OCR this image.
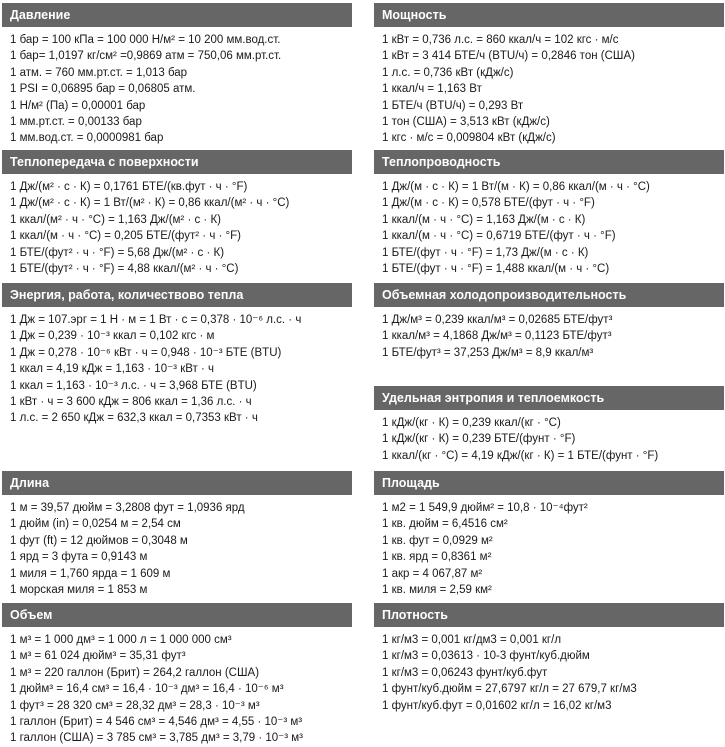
Давление
1 бар = 100 кПа = 100 000 Н/м² = 10 200 мм.вод.ст.
1 бар= 1,0197 кг/см² =0,9869 атм = 750,06 мм.рт.ст.
1 атм. = 760 мм.рт.ст. = 1,013 бар
1 PSI = 0,06895 бар = 0,06805 атм.
1 Н/м² (Па) = 0,00001 бар
1 мм.рт.ст. = 0,00133 бар
1 мм.вод.ст. = 0,0000981 бар
Теплопередача с поверхности
1 Дж/(м² · с · К) = 0,1761 БТЕ/(кв.фут · ч · °F)
1 Дж/(м² · с · К) = 1 Вт/(м² · К) = 0,86 ккал/(м² · ч · °С)
1 ккал/(м² · ч · °С) = 1,163 Дж/(м² · с · К)
1 ккал/(м · ч · °С) = 0,205 БТЕ/(фут² · ч · °F)
1 БТЕ/(фут² · ч · °F) = 5,68 Дж/(м² · с · К)
1 БТЕ/(фут² · ч · °F) = 4,88 ккал/(м² · ч · °С)
Энергия, работа, количествово тепла
1 Дж = 107.эрг = 1 Н · м = 1 Вт · с = 0,378 · 10⁻⁶ л.с. · ч
1 Дж = 0,239 · 10⁻³ ккал = 0,102 кгс · м
1 Дж = 0,278 · 10⁻⁶ кВт · ч = 0,948 · 10⁻³ БТЕ (BTU)
1 ккал = 4,19 кДж = 1,163 · 10⁻³ кВт · ч
1 ккал = 1,163 · 10⁻³ л.с. · ч = 3,968 БТЕ (BTU)
1 кВт · ч = 3 600 кДж = 806 ккал = 1,36 л.с. · ч
1 л.с. = 2 650 кДж = 632,3 ккал = 0,7353 кВт · ч
Длина
1 м = 39,57 дюйм = 3,2808 фут = 1,0936 ярд
1 дюйм (in) = 0,0254 м = 2,54 см
1 фут (ft) = 12 дюймов = 0,3048 м
1 ярд = 3 фута = 0,9143 м
1 миля = 1,760 ярда = 1 609 м
1 морская миля = 1 853 м
Объем
1 м³ = 1 000 дм³ = 1 000 л = 1 000 000 см³
1 м³ = 61 024 дюйм³ = 35,31 фут³
1 м³ = 220 галлон (Брит) = 264,2 галлон (США)
1 дюйм³ = 16,4 см³ = 16,4 · 10⁻³ дм³ = 16,4 · 10⁻⁶ м³
1 фут³ = 28 320 см³ = 28,32 дм³ = 28,3 · 10⁻³ м³
1 галлон (Брит) = 4 546 см³ = 4,546 дм³ = 4,55 · 10⁻³ м³
1 галлон (США) = 3 785 см³ = 3,785 дм³ = 3,79 · 10⁻³ м³
Мощность
1 кВт = 0,736 л.с. = 860 ккал/ч = 102 кгс · м/с
1 кВт = 3 414 БТЕ/ч (BTU/ч) = 0,2846 тон (США)
1 л.с. = 0,736 кВт (кДж/с)
1 ккал/ч = 1,163 Вт
1 БТЕ/ч (BTU/ч) = 0,293 Вт
1 тон (США) = 3,513 кВт (кДж/с)
1 кгс · м/с = 0,009804 кВт (кДж/с)
Теплопроводность
1 Дж/(м · с · К) = 1 Вт/(м · К) = 0,86 ккал/(м · ч · °С)
1 Дж/(м · с · К) = 0,578 БТЕ/(фут · ч · °F)
1 ккал/(м · ч · °С) = 1,163 Дж/(м · с · К)
1 ккал/(м · ч · °С) = 0,6719 БТЕ/(фут · ч · °F)
1 БТЕ/(фут · ч · °F) = 1,73 Дж/(м · с · К)
1 БТЕ/(фут · ч · °F) = 1,488 ккал/(м · ч · °С)
Объемная холодопроизводительность
1 Дж/м³ = 0,239 ккал/м³ = 0,02685 БТЕ/фут³
1 ккал/м³ = 4,1868 Дж/м³ = 0,1123 БТЕ/фут³
1 БТЕ/фут³ = 37,253 Дж/м³ = 8,9 ккал/м³
Удельная энтропия и теплоемкость
1 кДж/(кг · К) = 0,239 ккал/(кг · °С)
1 кДж/(кг · К) = 0,239 БТЕ/(фунт · °F)
1 ккал/(кг · °С) = 4,19 кДж/(кг · К) = 1 БТЕ/(фунт · °F)
Площадь
1 м2 = 1 549,9 дюйм² = 10,8 · 10⁻⁴фут²
1 кв. дюйм = 6,4516 см²
1 кв. фут = 0,0929 м²
1 кв. ярд = 0,8361 м²
1 акр = 4 067,87 м²
1 кв. миля = 2,59 км²
Плотность
1 кг/м3 = 0,001 кг/дм3 = 0,001 кг/л
1 кг/м3 = 0,03613 · 10-3 фунт/куб.дюйм
1 кг/м3 = 0,06243 фунт/куб.фут
1 фунт/куб.дюйм = 27,6797 кг/л = 27 679,7 кг/м3
1 фунт/куб.фут = 0,01602 кг/л = 16,02 кг/м3
